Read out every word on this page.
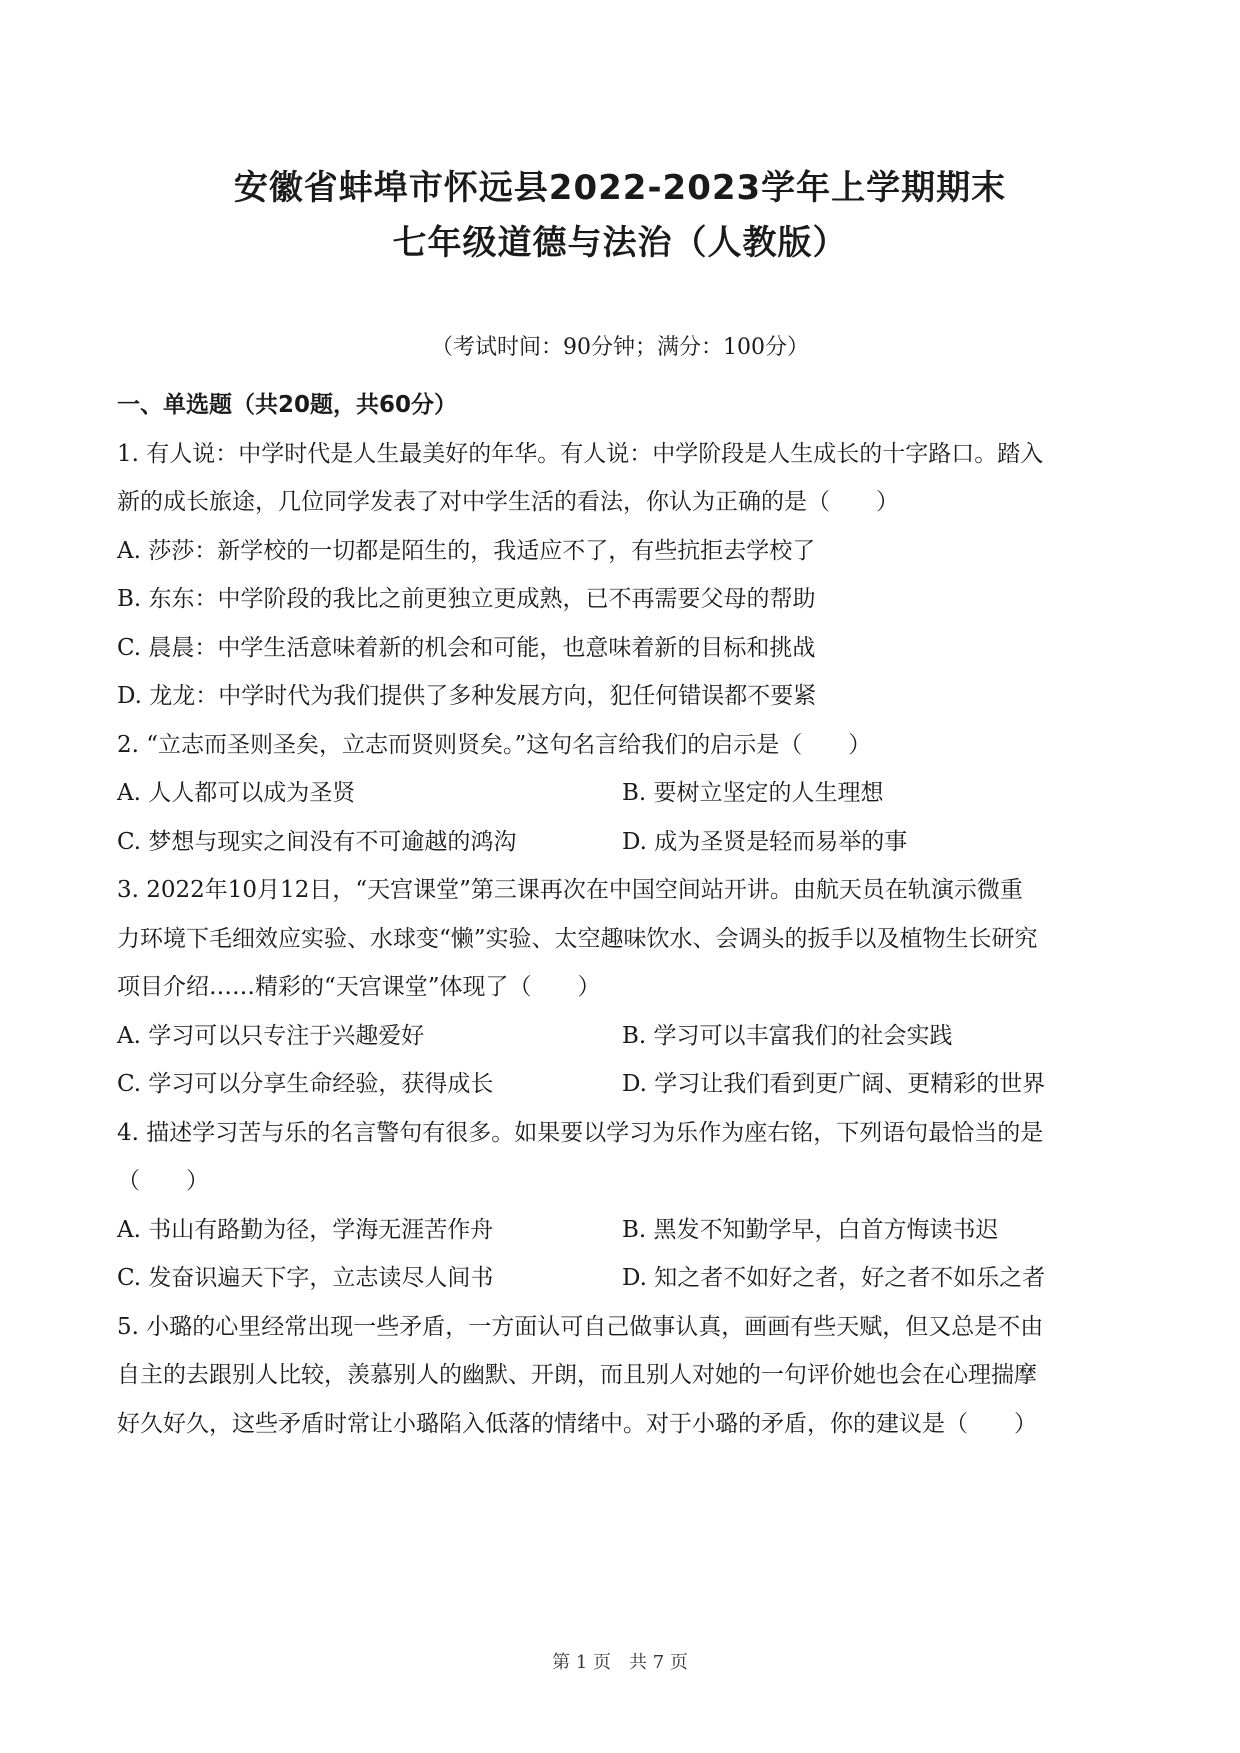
安徽省蚌埠市怀远县2022-2023学年上学期期末
七年级道德与法治（人教版）
（考试时间：90分钟；满分：100分）
一、单选题（共20题，共60分）
1. 有人说：中学时代是人生最美好的年华。有人说：中学阶段是人生成长的十字路口。踏入
新的成长旅途，几位同学发表了对中学生活的看法，你认为正确的是（　　）
A. 莎莎：新学校的一切都是陌生的，我适应不了，有些抗拒去学校了
B. 东东：中学阶段的我比之前更独立更成熟，已不再需要父母的帮助
C. 晨晨：中学生活意味着新的机会和可能，也意味着新的目标和挑战
D. 龙龙：中学时代为我们提供了多种发展方向，犯任何错误都不要紧
2. “立志而圣则圣矣，立志而贤则贤矣。”这句名言给我们的启示是（　　）
A. 人人都可以成为圣贤	B. 要树立坚定的人生理想
C. 梦想与现实之间没有不可逾越的鸿沟	D. 成为圣贤是轻而易举的事
3. 2022年10月12日，“天宫课堂”第三课再次在中国空间站开讲。由航天员在轨演示微重
力环境下毛细效应实验、水球变“懒”实验、太空趣味饮水、会调头的扳手以及植物生长研究
项目介绍……精彩的“天宫课堂”体现了（　　）
A. 学习可以只专注于兴趣爱好	B. 学习可以丰富我们的社会实践
C. 学习可以分享生命经验，获得成长	D. 学习让我们看到更广阔、更精彩的世界
4. 描述学习苦与乐的名言警句有很多。如果要以学习为乐作为座右铭，下列语句最恰当的是
（　　）
A. 书山有路勤为径，学海无涯苦作舟	B. 黑发不知勤学早，白首方悔读书迟
C. 发奋识遍天下字，立志读尽人间书	D. 知之者不如好之者，好之者不如乐之者
5. 小璐的心里经常出现一些矛盾，一方面认可自己做事认真，画画有些天赋，但又总是不由
自主的去跟别人比较，羡慕别人的幽默、开朗，而且别人对她的一句评价她也会在心理揣摩
好久好久，这些矛盾时常让小璐陷入低落的情绪中。对于小璐的矛盾，你的建议是（　　）
第 1 页　共 7 页
